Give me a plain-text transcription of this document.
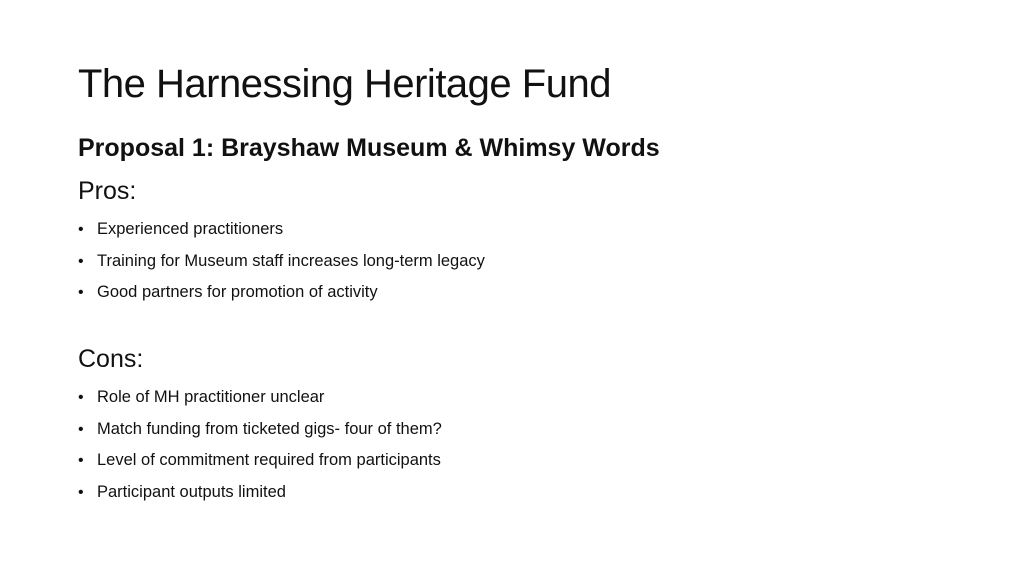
The Harnessing Heritage Fund
Proposal 1: Brayshaw Museum & Whimsy Words
Pros:
• Experienced practitioners
• Training for Museum staff increases long-term legacy
• Good partners for promotion of activity
Cons:
• Role of MH practitioner unclear
• Match funding from ticketed gigs- four of them?
• Level of commitment required from participants
• Participant outputs limited
